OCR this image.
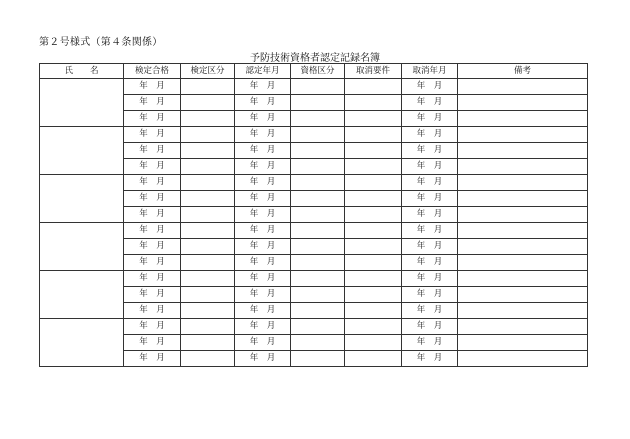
第２号様式（第４条関係）
予防技術資格者認定記録名簿
氏　　名	検定合格	検定区分	認定年月	資格区分	取消要件	取消年月	備考
	年　月		年　月			年　月	
	年　月		年　月			年　月	
	年　月		年　月			年　月	
	年　月		年　月			年　月	
	年　月		年　月			年　月	
	年　月		年　月			年　月	
	年　月		年　月			年　月	
	年　月		年　月			年　月	
	年　月		年　月			年　月	
	年　月		年　月			年　月	
	年　月		年　月			年　月	
	年　月		年　月			年　月	
	年　月		年　月			年　月	
	年　月		年　月			年　月	
	年　月		年　月			年　月	
	年　月		年　月			年　月	
	年　月		年　月			年　月	
	年　月		年　月			年　月	
